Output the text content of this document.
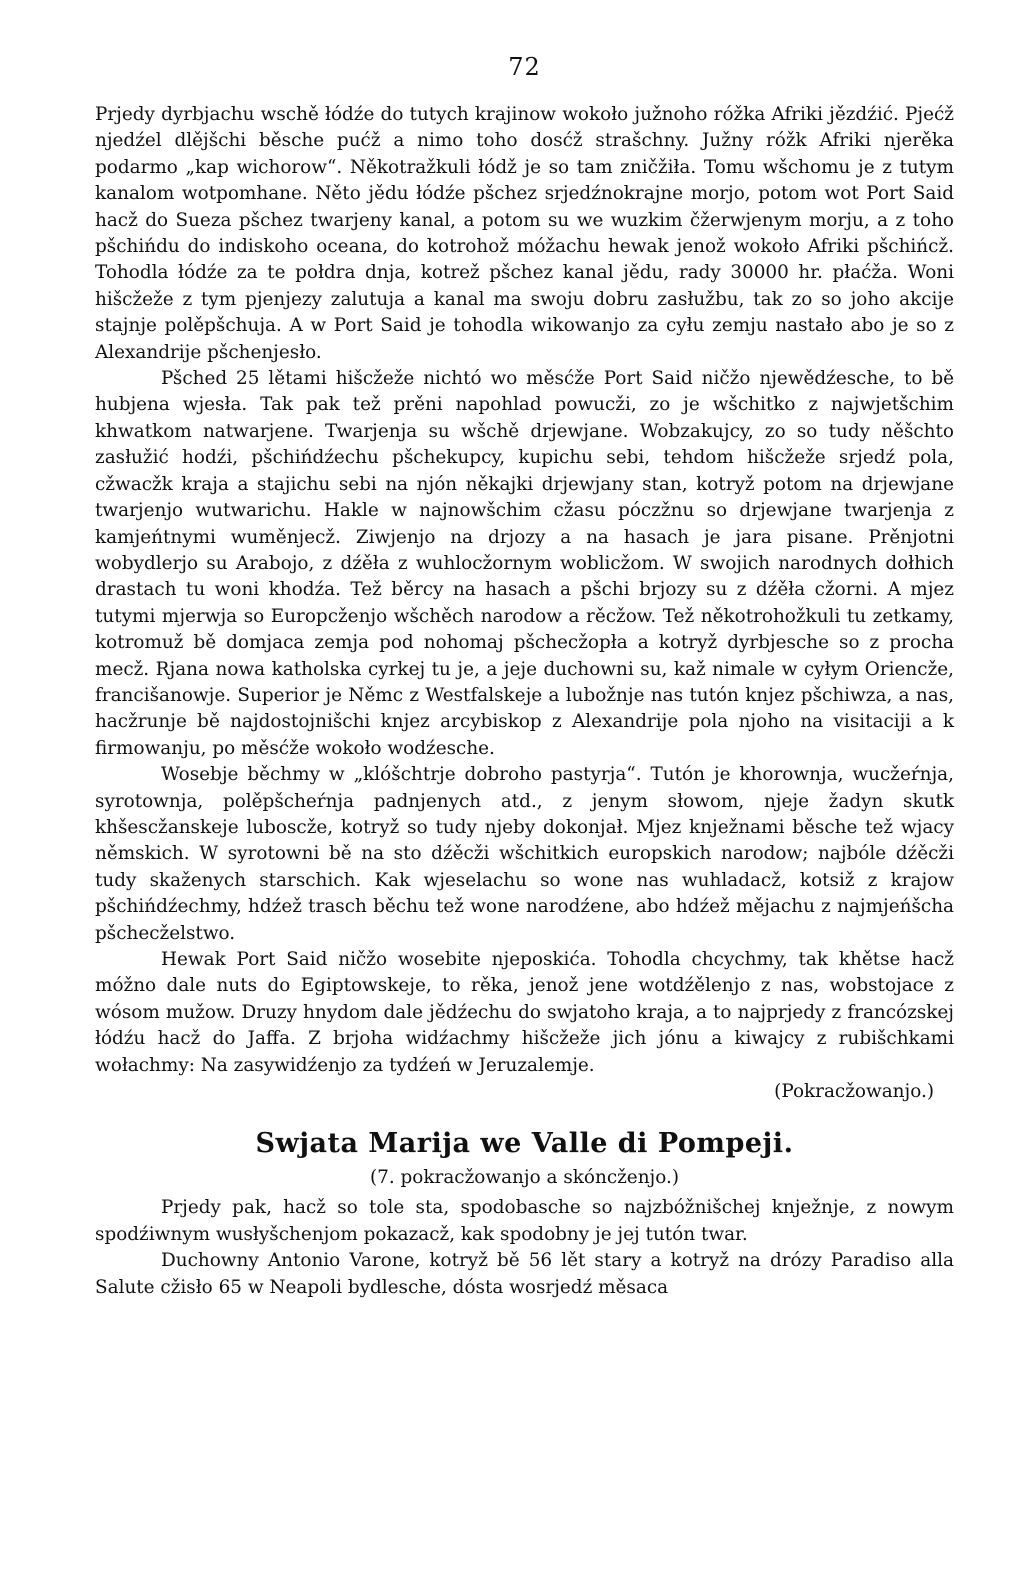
72

Prjedy dyrbjachu wschě łódźe do tutych krajinow wokoło južnoho róžka Afriki jězdźić. Pjećž njedźel dlějšchi běsche pućž a nimo toho dosćž strašchny. Južny róžk Afriki njerěka podarmo „kap wichorow“. Někotražkuli łódž je so tam zničžiła. Tomu wšchomu je z tutym kanalom wotpomhane. Něto jědu łódźe pšchez srjedźnokrajne morjo, potom wot Port Said hacž do Sueza pšchez twarjeny kanal, a potom su we wuzkim čžerwjenym morju, a z toho pšchińdu do indiskoho oceana, do kotrohož móžachu hewak jenož wokoło Afriki pšchińcž. Tohodla łódźe za te połdra dnja, kotrež pšchez kanal jědu, rady 30000 hr. płaćža. Woni hišcžeže z tym pjenjezy zalutuja a kanal ma swoju dobru zasłužbu, tak zo so joho akcije stajnje polěpšchuja. A w Port Said je tohodla wikowanjo za cyłu zemju nastało abo je so z Alexandrije pšchenjesło.

Pšched 25 lětami hišcžeže nichtó wo měsćže Port Said ničžo njewědźesche, to bě hubjena wjesła. Tak pak tež prěni napohlad powucži, zo je wšchitko z najwjetšchim khwatkom natwarjene. Twarjenja su wšchě drjewjane. Wobzakujcy, zo so tudy něšchto zasłužić hodźi, pšchińdźechu pšchekupcy, kupichu sebi, tehdom hišcžeže srjedź pola, cžwacžk kraja a stajichu sebi na njón někajki drjewjany stan, kotryž potom na drjewjane twarjenjo wutwarichu. Hakle w najnowšchim cžasu póczžnu so drjewjane twarjenja z kamjeńtnymi wuměnjecž. Ziwjenjo na drjozy a na hasach je jara pisane. Prěnjotni wobydlerjo su Arabojo, z dźěła z wuhlocžornym woblicžom. W swojich narodnych dołhich drastach tu woni khodźa. Tež běrcy na hasach a pšchi brjozy su z dźěła cžorni. A mjez tutymi mjerwja so Europcženjo wšchěch narodow a rěcžow. Tež někotrohožkuli tu zetkamy, kotromuž bě domjaca zemja pod nohomaj pšchecžopła a kotryž dyrbjesche so z procha mecž. Rjana nowa katholska cyrkej tu je, a jeje duchowni su, kaž nimale w cyłym Oriencže, francišanowje. Superior je Němc z Westfalskeje a lubožnje nas tutón knjez pšchiwza, a nas, hacžrunje bě najdostojnišchi knjez arcybiskop z Alexandrije pola njoho na visitaciji a k firmowanju, po měsćže wokoło wodźesche.

Wosebje běchmy w „klóšchtrje dobroho pastyrja“. Tutón je khorownja, wucžeŕnja, syrotownja, polěpšcheŕnja padnjenych atd., z jenym słowom, njeje žadyn skutk khšescžanskeje luboscže, kotryž so tudy njeby dokonjał. Mjez knježnami běsche tež wjacy němskich. W syrotowni bě na sto dźěcži wšchitkich europskich narodow; najbóle dźěcži tudy skaženych starschich. Kak wjeselachu so wone nas wuhladacž, kotsiž z krajow pšchińdźechmy, hdźež trasch běchu tež wone narodźene, abo hdźež mějachu z najmjeńšcha pšchecželstwo.

Hewak Port Said ničžo wosebite njeposkića. Tohodla chcychmy, tak khětse hacž móžno dale nuts do Egiptowskeje, to rěka, jenož jene wotdźělenjo z nas, wobstojace z wósom mužow. Druzy hnydom dale jědźechu do swjatoho kraja, a to najprjedy z francózskej łódźu hacž do Jaffa. Z brjoha widźachmy hišcžeže jich jónu a kiwajcy z rubišchkami wołachmy: Na zasywidźenjo za tydźeń w Jeruzalemje.

(Pokracžowanjo.)
Swjata Marija we Valle di Pompeji.
(7. pokracžowanjo a skóncženjo.)

Prjedy pak, hacž so tole sta, spodobasche so najzbóžnišchej knježnje, z nowym spodźiwnym wusłyšchenjom pokazacž, kak spodobny je jej tutón twar.

Duchowny Antonio Varone, kotryž bě 56 lět stary a kotryž na drózy Paradiso alla Salute cžisło 65 w Neapoli bydlesche, dósta wosrjedź měsaca
